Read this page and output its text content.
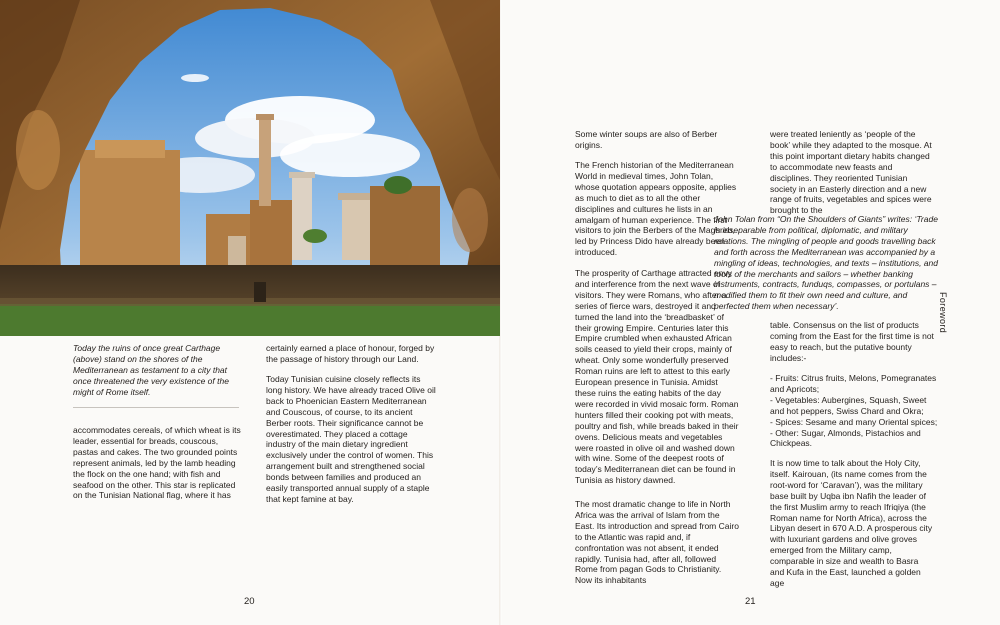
Today the ruins of once great Carthage (above) stand on the shores of the Mediterranean as testament to a city that once threatened the very existence of the might of Rome itself.

accommodates cereals, of which wheat is its leader, essential for breads, couscous, pastas and cakes. The two grounded points represent animals, led by the lamb heading the flock on the one hand; with fish and seafood on the other. This star is replicated on the Tunisian National flag, where it has

certainly earned a place of honour, forged by the passage of history through our Land.

Today Tunisian cuisine closely reflects its long history. We have already traced Olive oil back to Phoenician Eastern Mediterranean and Couscous, of course, to its ancient Berber roots. Their significance cannot be overestimated. They placed a cottage industry of the main dietary ingredient exclusively under the control of women. This arrangement built and strengthened social bonds between families and produced an easily transported annual supply of a staple that kept famine at bay.

20

Some winter soups are also of Berber origins.

The French historian of the Mediterranean World in medieval times, John Tolan, whose quotation appears opposite, applies as much to diet as to all the other disciplines and cultures he lists in an amalgam of human experience. The first visitors to join the Berbers of the Maghreb, led by Princess Dido have already been introduced.

The prosperity of Carthage attracted envy and interference from the next wave of visitors. They were Romans, who after a series of fierce wars, destroyed it and turned the land into the ‘breadbasket’ of their growing Empire. Centuries later this Empire crumbled when exhausted African soils ceased to yield their crops, mainly of wheat. Only some wonderfully preserved Roman ruins are left to attest to this early European presence in Tunisia. Amidst these ruins the eating habits of the day were recorded in vivid mosaic form. Roman hunters filled their cooking pot with meats, poultry and fish, while breads baked in their ovens. Delicious meats and vegetables were roasted in olive oil and washed down with wine. Some of the deepest roots of today’s Mediterranean diet can be found in Tunisia as history dawned.

The most dramatic change to life in North Africa was the arrival of Islam from the East. Its introduction and spread from Cairo to the Atlantic was rapid and, if confrontation was not absent, it ended rapidly. Tunisia had, after all, followed Rome from pagan Gods to Christianity. Now its inhabitants

were treated leniently as ‘people of the book’ while they adapted to the mosque. At this point important dietary habits changed to accommodate new feasts and disciplines. They reoriented Tunisian society in an Easterly direction and a new range of fruits, vegetables and spices were brought to the

John Tolan from “On the Shoulders of Giants” writes: ‘Trade is inseparable from political, diplomatic, and military relations. The mingling of people and goods travelling back and forth across the Mediterranean was accompanied by a mingling of ideas, technologies, and texts – institutions, and tools of the merchants and sailors – whether banking instruments, contracts, funduqs, compasses, or portulans – modified them to fit their own need and culture, and perfected them when necessary’.

table. Consensus on the list of products coming from the East for the first time is not easy to reach, but the putative bounty includes:-

- Fruits: Citrus fruits, Melons, Pomegranates and Apricots;

- Vegetables: Aubergines, Squash, Sweet and hot peppers, Swiss Chard and Okra;

- Spices: Sesame and many Oriental spices;

- Other: Sugar, Almonds, Pistachios and Chickpeas.

It is now time to talk about the Holy City, itself. Kairouan, (its name comes from the root-word for ‘Caravan’), was the military base built by Uqba ibn Nafih the leader of the first Muslim army to reach Ifriqiya (the Roman name for North Africa), across the Libyan desert in 670 A.D. A prosperous city with luxuriant gardens and olive groves emerged from the Military camp, comparable in size and wealth to Basra and Kufa in the East, launched a golden age

21
Foreword
